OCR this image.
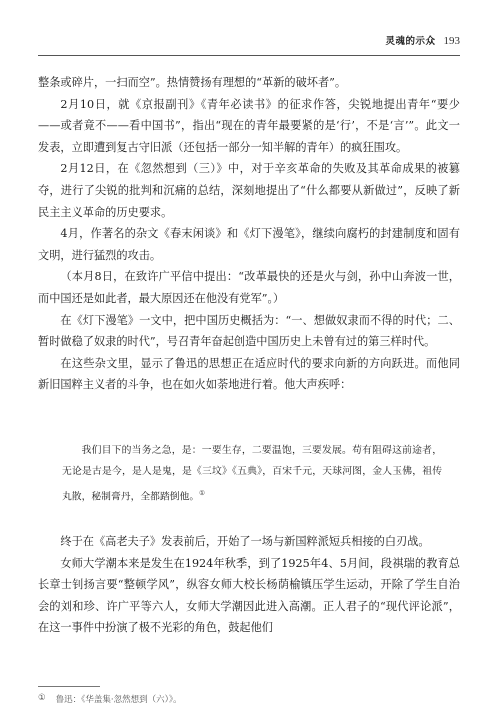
灵魂的示众 193

整条或碎片，一扫而空”。热情赞扬有理想的“革新的破坏者”。

2月10日，就《京报副刊》《青年必读书》的征求作答，尖锐地提出青年“要少——或者竟不——看中国书”，指出“现在的青年最要紧的是‘行’，不是‘言’”。此文一发表，立即遭到复古守旧派（还包括一部分一知半解的青年）的疯狂围攻。

2月12日，在《忽然想到（三）》中，对于辛亥革命的失败及其革命成果的被篡夺，进行了尖锐的批判和沉痛的总结，深刻地提出了“什么都要从新做过”，反映了新民主主义革命的历史要求。

4月，作著名的杂文《春末闲谈》和《灯下漫笔》，继续向腐朽的封建制度和固有文明，进行猛烈的攻击。

（本月8日，在致许广平信中提出：“改革最快的还是火与剑，孙中山奔波一世，而中国还是如此者，最大原因还在他没有党军”。）

在《灯下漫笔》一文中，把中国历史概括为：“一、想做奴隶而不得的时代；二、暂时做稳了奴隶的时代”，号召青年奋起创造中国历史上未曾有过的第三样时代。

在这些杂文里，显示了鲁迅的思想正在适应时代的要求向新的方向跃进。而他同新旧国粹主义者的斗争，也在如火如荼地进行着。他大声疾呼：

我们目下的当务之急，是：一要生存，二要温饱，三要发展。苟有阻碍这前途者，无论是古是今，是人是鬼，是《三坟》《五典》，百宋千元，天球河图，金人玉佛，祖传丸散，秘制膏丹，全都踏倒他。①

终于在《高老夫子》发表前后，开始了一场与新国粹派短兵相接的白刃战。

女师大学潮本来是发生在1924年秋季，到了1925年4、5月间，段祺瑞的教育总长章士钊扬言要“整顿学风”，纵容女师大校长杨荫榆镇压学生运动，开除了学生自治会的刘和珍、许广平等六人，女师大学潮因此进入高潮。正人君子的“现代评论派”，在这一事件中扮演了极不光彩的角色，鼓起他们

① 鲁迅：《华盖集·忽然想到（六）》。
